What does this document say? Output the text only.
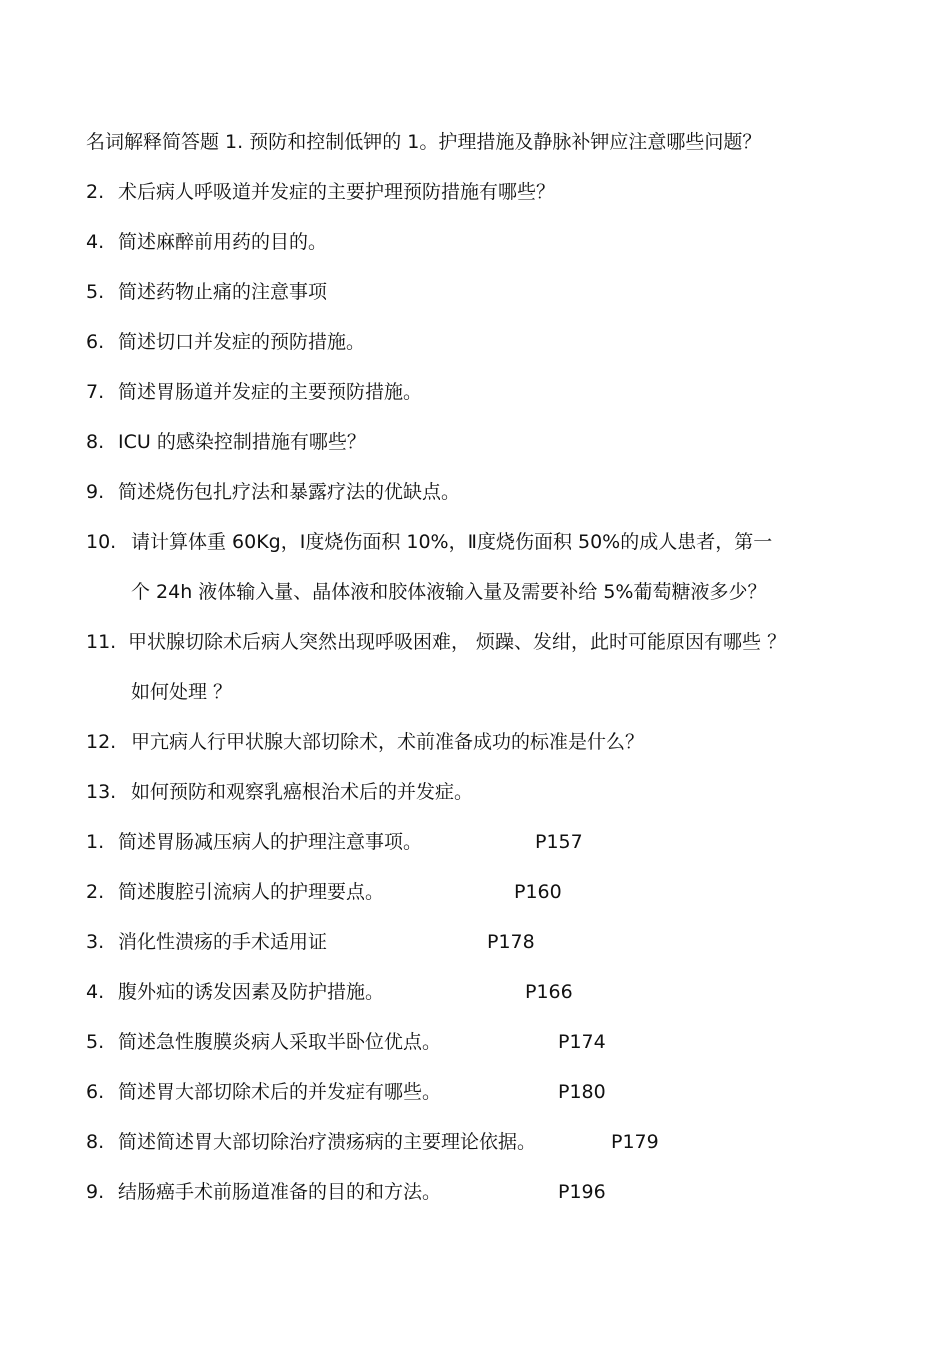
名词解释简答题 1. 预防和控制低钾的 1。护理措施及静脉补钾应注意哪些问题？
2. 术后病人呼吸道并发症的主要护理预防措施有哪些？
4. 简述麻醉前用药的目的。
5. 简述药物止痛的注意事项
6. 简述切口并发症的预防措施。
7. 简述胃肠道并发症的主要预防措施。
8. ICU 的感染控制措施有哪些？
9. 简述烧伤包扎疗法和暴露疗法的优缺点。
10. 请计算体重 60Kg，Ⅰ度烧伤面积 10%，Ⅱ度烧伤面积 50%的成人患者，第一
个 24h 液体输入量、晶体液和胶体液输入量及需要补给 5%葡萄糖液多少？
11. 甲状腺切除术后病人突然出现呼吸困难， 烦躁、发绀，此时可能原因有哪些 ？
如何处理 ？
12. 甲亢病人行甲状腺大部切除术，术前准备成功的标准是什么？
13. 如何预防和观察乳癌根治术后的并发症。
1. 简述胃肠减压病人的护理注意事项。	P157
2. 简述腹腔引流病人的护理要点。	P160
3. 消化性溃疡的手术适用证	P178
4. 腹外疝的诱发因素及防护措施。	P166
5. 简述急性腹膜炎病人采取半卧位优点。	P174
6. 简述胃大部切除术后的并发症有哪些。	P180
8. 简述简述胃大部切除治疗溃疡病的主要理论依据。	P179
9. 结肠癌手术前肠道准备的目的和方法。	P196
